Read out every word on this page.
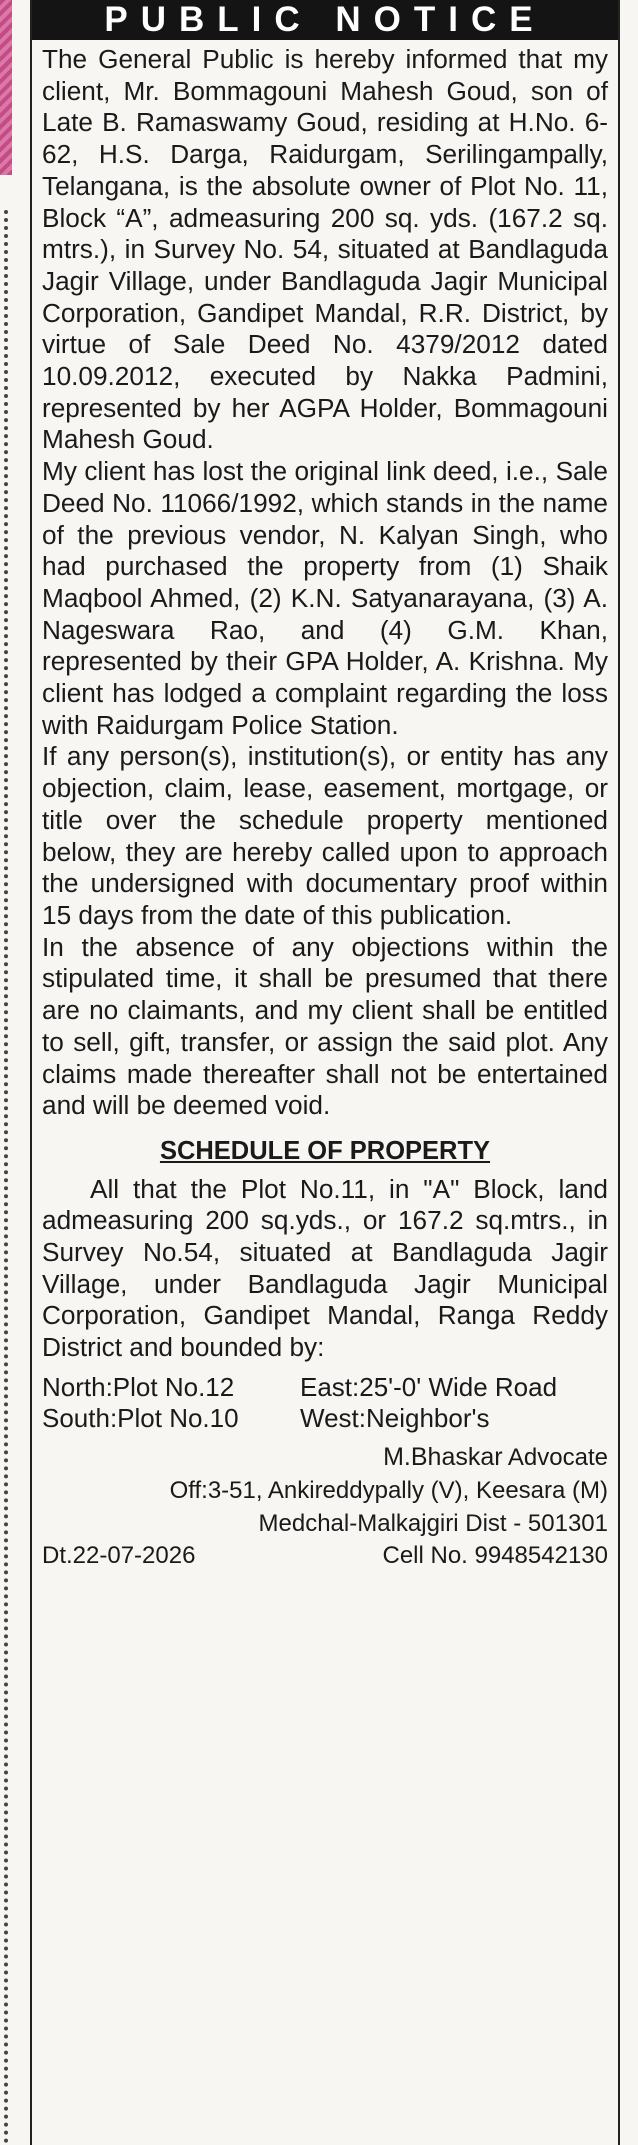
PUBLIC NOTICE

The General Public is hereby informed that my client, Mr. Bommagouni Mahesh Goud, son of Late B. Ramaswamy Goud, residing at H.No. 6-62, H.S. Darga, Raidurgam, Serilingampally, Telangana, is the absolute owner of Plot No. 11, Block “A”, admeasuring 200 sq. yds. (167.2 sq. mtrs.), in Survey No. 54, situated at Bandlaguda Jagir Village, under Bandlaguda Jagir Municipal Corporation, Gandipet Mandal, R.R. District, by virtue of Sale Deed No. 4379/2012 dated 10.09.2012, executed by Nakka Padmini, represented by her AGPA Holder, Bommagouni Mahesh Goud.

My client has lost the original link deed, i.e., Sale Deed No. 11066/1992, which stands in the name of the previous vendor, N. Kalyan Singh, who had purchased the property from (1) Shaik Maqbool Ahmed, (2) K.N. Satyanarayana, (3) A. Nageswara Rao, and (4) G.M. Khan, represented by their GPA Holder, A. Krishna. My client has lodged a complaint regarding the loss with Raidurgam Police Station.

If any person(s), institution(s), or entity has any objection, claim, lease, easement, mortgage, or title over the schedule property mentioned below, they are hereby called upon to approach the undersigned with documentary proof within 15 days from the date of this publication.

In the absence of any objections within the stipulated time, it shall be presumed that there are no claimants, and my client shall be entitled to sell, gift, transfer, or assign the said plot. Any claims made thereafter shall not be entertained and will be deemed void.

SCHEDULE OF PROPERTY

All that the Plot No.11, in "A" Block, land admeasuring 200 sq.yds., or 167.2 sq.mtrs., in Survey No.54, situated at Bandlaguda Jagir Village, under Bandlaguda Jagir Municipal Corporation, Gandipet Mandal, Ranga Reddy District and bounded by:

North:Plot No.12	East:25'-0' Wide Road
South:Plot No.10	West:Neighbor's
M.Bhaskar Advocate
Off:3-51, Ankireddypally (V), Keesara (M)
Medchal-Malkajgiri Dist - 501301
Dt.22-07-2026	Cell No. 9948542130
